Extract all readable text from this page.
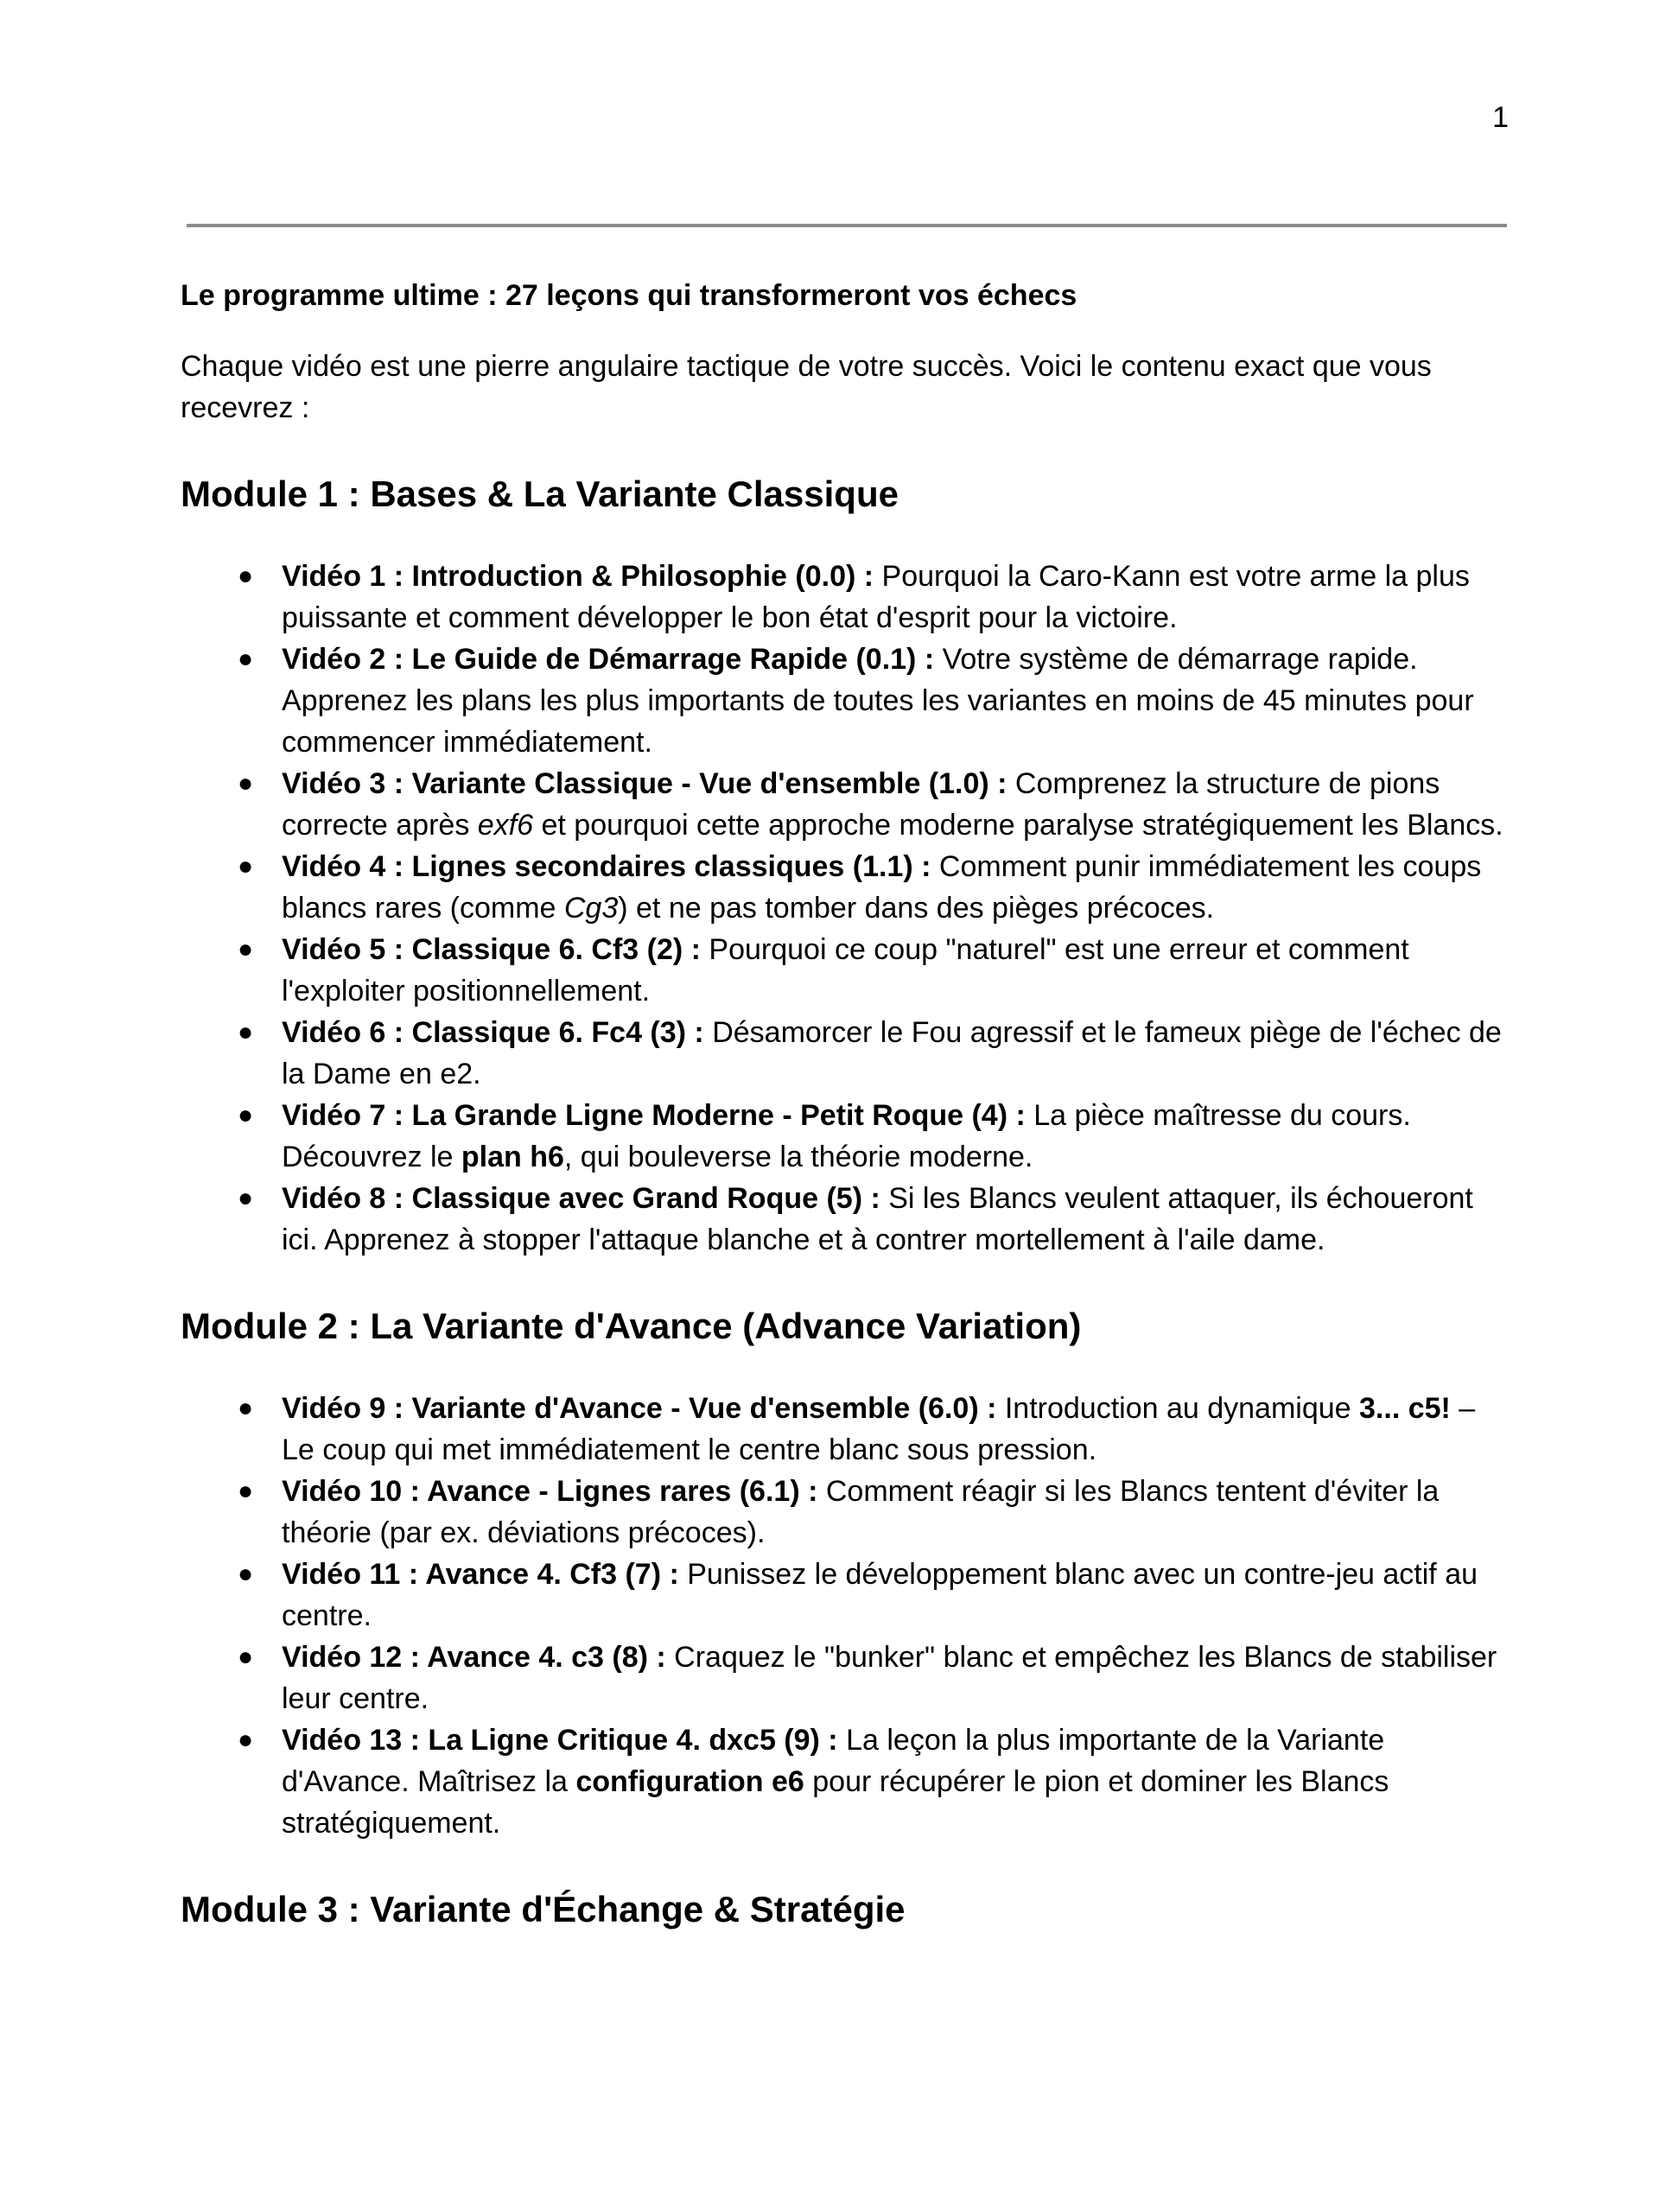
1

Le programme ultime : 27 leçons qui transformeront vos échecs

Chaque vidéo est une pierre angulaire tactique de votre succès. Voici le contenu exact que vous recevrez :

Module 1 : Bases & La Variante Classique
● Vidéo 1 : Introduction & Philosophie (0.0) : Pourquoi la Caro-Kann est votre arme la plus puissante et comment développer le bon état d'esprit pour la victoire.
● Vidéo 2 : Le Guide de Démarrage Rapide (0.1) : Votre système de démarrage rapide. Apprenez les plans les plus importants de toutes les variantes en moins de 45 minutes pour commencer immédiatement.
● Vidéo 3 : Variante Classique - Vue d'ensemble (1.0) : Comprenez la structure de pions correcte après exf6 et pourquoi cette approche moderne paralyse stratégiquement les Blancs.
● Vidéo 4 : Lignes secondaires classiques (1.1) : Comment punir immédiatement les coups blancs rares (comme Cg3) et ne pas tomber dans des pièges précoces.
● Vidéo 5 : Classique 6. Cf3 (2) : Pourquoi ce coup "naturel" est une erreur et comment l'exploiter positionnellement.
● Vidéo 6 : Classique 6. Fc4 (3) : Désamorcer le Fou agressif et le fameux piège de l'échec de la Dame en e2.
● Vidéo 7 : La Grande Ligne Moderne - Petit Roque (4) : La pièce maîtresse du cours. Découvrez le plan h6, qui bouleverse la théorie moderne.
● Vidéo 8 : Classique avec Grand Roque (5) : Si les Blancs veulent attaquer, ils échoueront ici. Apprenez à stopper l'attaque blanche et à contrer mortellement à l'aile dame.
Module 2 : La Variante d'Avance (Advance Variation)
● Vidéo 9 : Variante d'Avance - Vue d'ensemble (6.0) : Introduction au dynamique 3... c5! – Le coup qui met immédiatement le centre blanc sous pression.
● Vidéo 10 : Avance - Lignes rares (6.1) : Comment réagir si les Blancs tentent d'éviter la théorie (par ex. déviations précoces).
● Vidéo 11 : Avance 4. Cf3 (7) : Punissez le développement blanc avec un contre-jeu actif au centre.
● Vidéo 12 : Avance 4. c3 (8) : Craquez le "bunker" blanc et empêchez les Blancs de stabiliser leur centre.
● Vidéo 13 : La Ligne Critique 4. dxc5 (9) : La leçon la plus importante de la Variante d'Avance. Maîtrisez la configuration e6 pour récupérer le pion et dominer les Blancs stratégiquement.
Module 3 : Variante d'Échange & Stratégie
